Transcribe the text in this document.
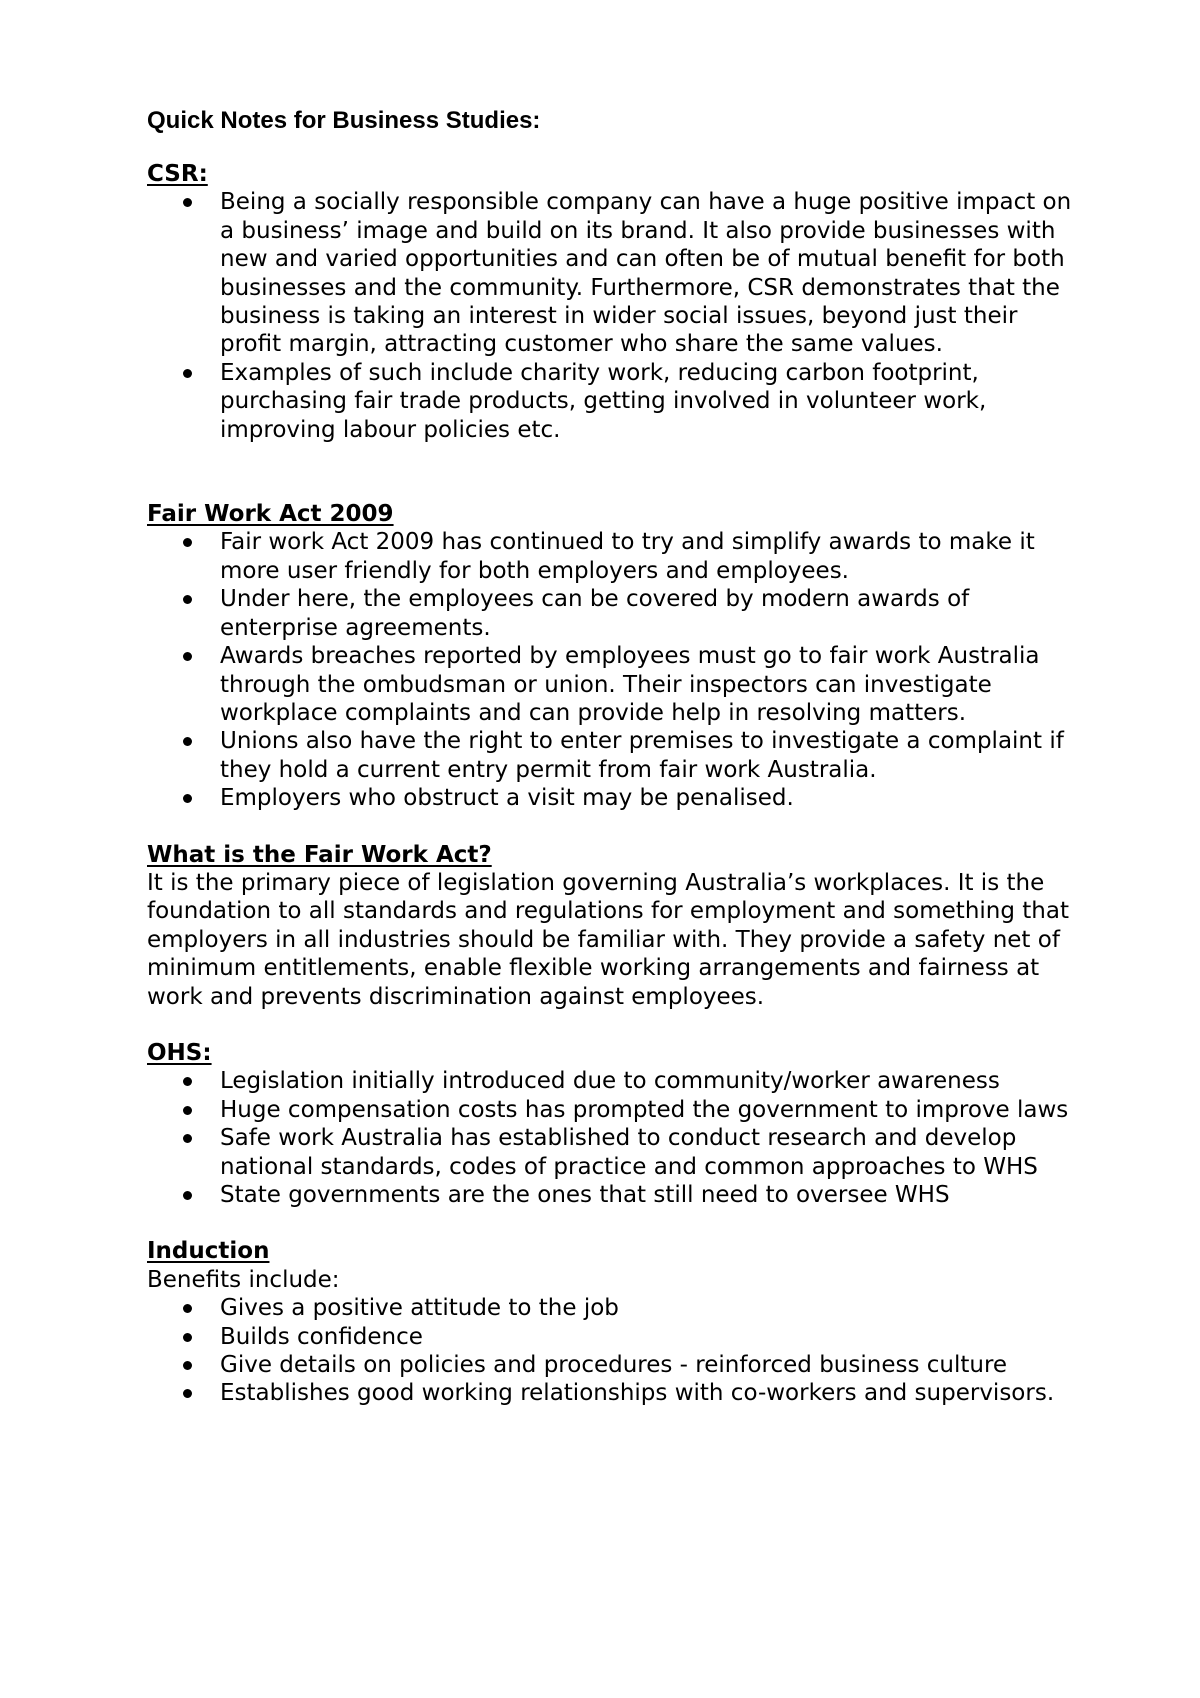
Quick Notes for Business Studies:
CSR:
Being a socially responsible company can have a huge positive impact on a business’ image and build on its brand. It also provide businesses with new and varied opportunities and can often be of mutual benefit for both businesses and the community. Furthermore, CSR demonstrates that the business is taking an interest in wider social issues, beyond just their profit margin, attracting customer who share the same values.
Examples of such include charity work, reducing carbon footprint, purchasing fair trade products, getting involved in volunteer work, improving labour policies etc.
Fair Work Act 2009
Fair work Act 2009 has continued to try and simplify awards to make it more user friendly for both employers and employees.
Under here, the employees can be covered by modern awards of enterprise agreements.
Awards breaches reported by employees must go to fair work Australia through the ombudsman or union. Their inspectors can investigate workplace complaints and can provide help in resolving matters.
Unions also have the right to enter premises to investigate a complaint if they hold a current entry permit from fair work Australia.
Employers who obstruct a visit may be penalised.
What is the Fair Work Act?

It is the primary piece of legislation governing Australia’s workplaces. It is the foundation to all standards and regulations for employment and something that employers in all industries should be familiar with. They provide a safety net of minimum entitlements, enable flexible working arrangements and fairness at work and prevents discrimination against employees.

OHS:
Legislation initially introduced due to community/worker awareness
Huge compensation costs has prompted the government to improve laws
Safe work Australia has established to conduct research and develop national standards, codes of practice and common approaches to WHS
State governments are the ones that still need to oversee WHS
Induction

Benefits include:

Gives a positive attitude to the job
Builds confidence
Give details on policies and procedures - reinforced business culture
Establishes good working relationships with co-workers and supervisors.
